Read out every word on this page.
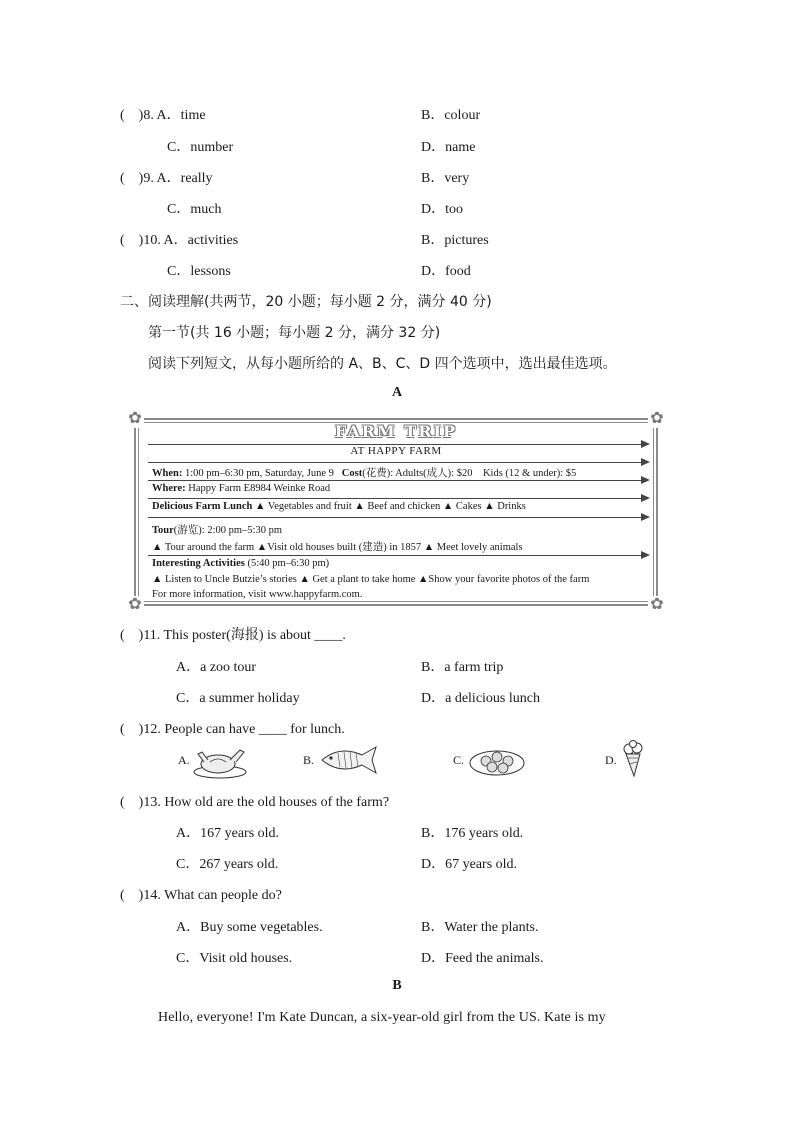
(　)8. A．time	B．colour
C．number	D．name
(　)9. A．really	B．very
C．much	D．too
(　)10. A．activities	B．pictures
C．lessons	D．food
二、阅读理解(共两节，20 小题；每小题 2 分，满分 40 分)
第一节(共 16 小题；每小题 2 分，满分 32 分)
阅读下列短文，从每小题所给的 A、B、C、D 四个选项中，选出最佳选项。
A
✿	✿
✿	✿
FARM TRIP
AT HAPPY FARM
When: 1:00 pm–6:30 pm, Saturday, June 9 Cost(花费): Adults(成人): $20　Kids (12 & under): $5
Where: Happy Farm E8984 Weinke Road
Delicious Farm Lunch ▲ Vegetables and fruit ▲ Beef and chicken ▲ Cakes ▲ Drinks
Tour(游览): 2:00 pm–5:30 pm
▲ Tour around the farm ▲Visit old houses built (建造) in 1857 ▲ Meet lovely animals
Interesting Activities (5:40 pm–6:30 pm)
▲ Listen to Uncle Butzie’s stories ▲ Get a plant to take home ▲Show your favorite photos of the farm
For more information, visit www.happyfarm.com.
(　)11. This poster(海报) is about ____.
A．a zoo tour	B．a farm trip
C．a summer holiday	D．a delicious lunch
(　)12. People can have ____ for lunch.
A.	B.	C.	D.
(　)13. How old are the old houses of the farm?
A．167 years old.	B．176 years old.
C．267 years old.	D．67 years old.
(　)14. What can people do?
A．Buy some vegetables.	B．Water the plants.
C．Visit old houses.	D．Feed the animals.
B
Hello, everyone! I'm Kate Duncan, a six-year-old girl from the US. Kate is my
